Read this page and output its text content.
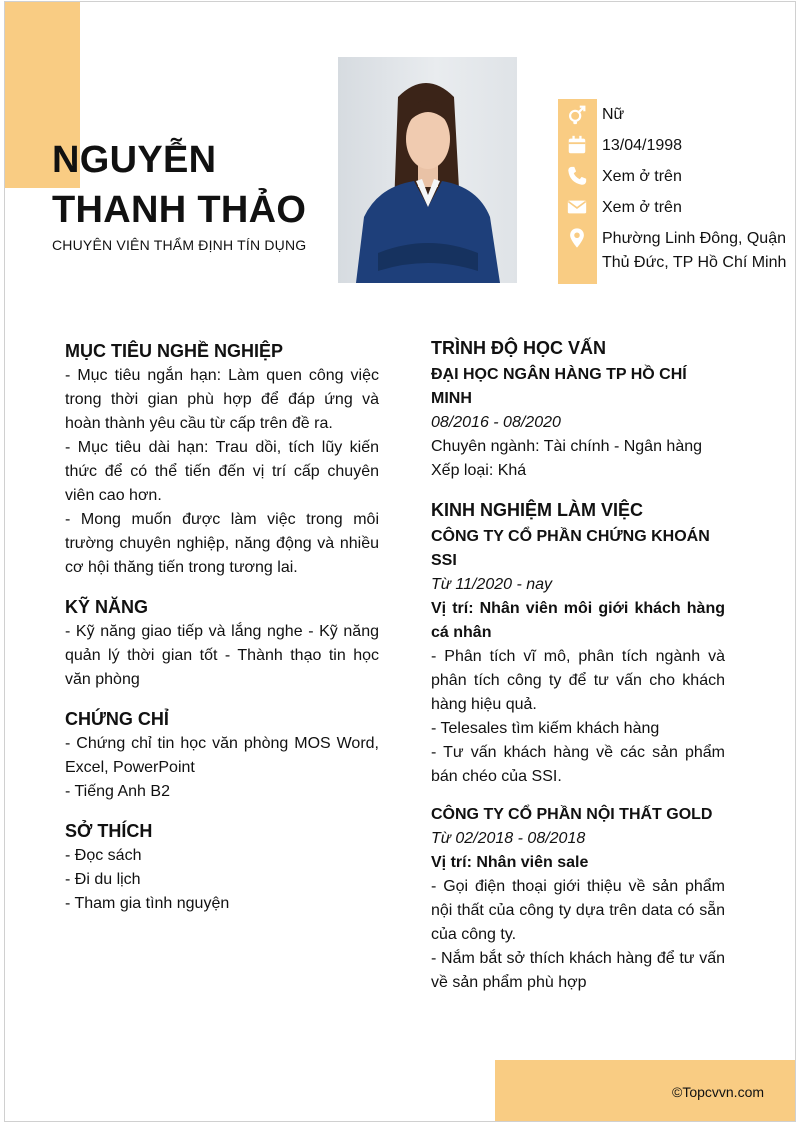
NGUYỄN
THANH THẢO
CHUYÊN VIÊN THẨM ĐỊNH TÍN DỤNG
Nữ
13/04/1998
Xem ở trên
Xem ở trên
Phường Linh Đông, Quận
Thủ Đức, TP Hồ Chí Minh
MỤC TIÊU NGHỀ NGHIỆP
- Mục tiêu ngắn hạn: Làm quen công việc trong thời gian phù hợp để đáp ứng và hoàn thành yêu cầu từ cấp trên đề ra.
- Mục tiêu dài hạn: Trau dồi, tích lũy kiến thức để có thể tiến đến vị trí cấp chuyên viên cao hơn.
- Mong muốn được làm việc trong môi trường chuyên nghiệp, năng động và nhiều cơ hội thăng tiến trong tương lai.
KỸ NĂNG
- Kỹ năng giao tiếp và lắng nghe - Kỹ năng quản lý thời gian tốt - Thành thạo tin học văn phòng
CHỨNG CHỈ
- Chứng chỉ tin học văn phòng MOS Word, Excel, PowerPoint
- Tiếng Anh B2
SỞ THÍCH
- Đọc sách
- Đi du lịch
- Tham gia tình nguyện
TRÌNH ĐỘ HỌC VẤN
ĐẠI HỌC NGÂN HÀNG TP HỒ CHÍ MINH
08/2016 - 08/2020
Chuyên ngành: Tài chính - Ngân hàng
Xếp loại: Khá
KINH NGHIỆM LÀM VIỆC
CÔNG TY CỔ PHẦN CHỨNG KHOÁN SSI
Từ 11/2020 - nay
Vị trí: Nhân viên môi giới khách hàng cá nhân
- Phân tích vĩ mô, phân tích ngành và phân tích công ty để tư vấn cho khách hàng hiệu quả.
- Telesales tìm kiếm khách hàng
- Tư vấn khách hàng về các sản phẩm bán chéo của SSI.
CÔNG TY CỔ PHẦN NỘI THẤT GOLD
Từ 02/2018 - 08/2018
Vị trí: Nhân viên sale
- Gọi điện thoại giới thiệu về sản phẩm nội thất của công ty dựa trên data có sẵn của công ty.
- Nắm bắt sở thích khách hàng để tư vấn về sản phẩm phù hợp
©Topcvvn.com
